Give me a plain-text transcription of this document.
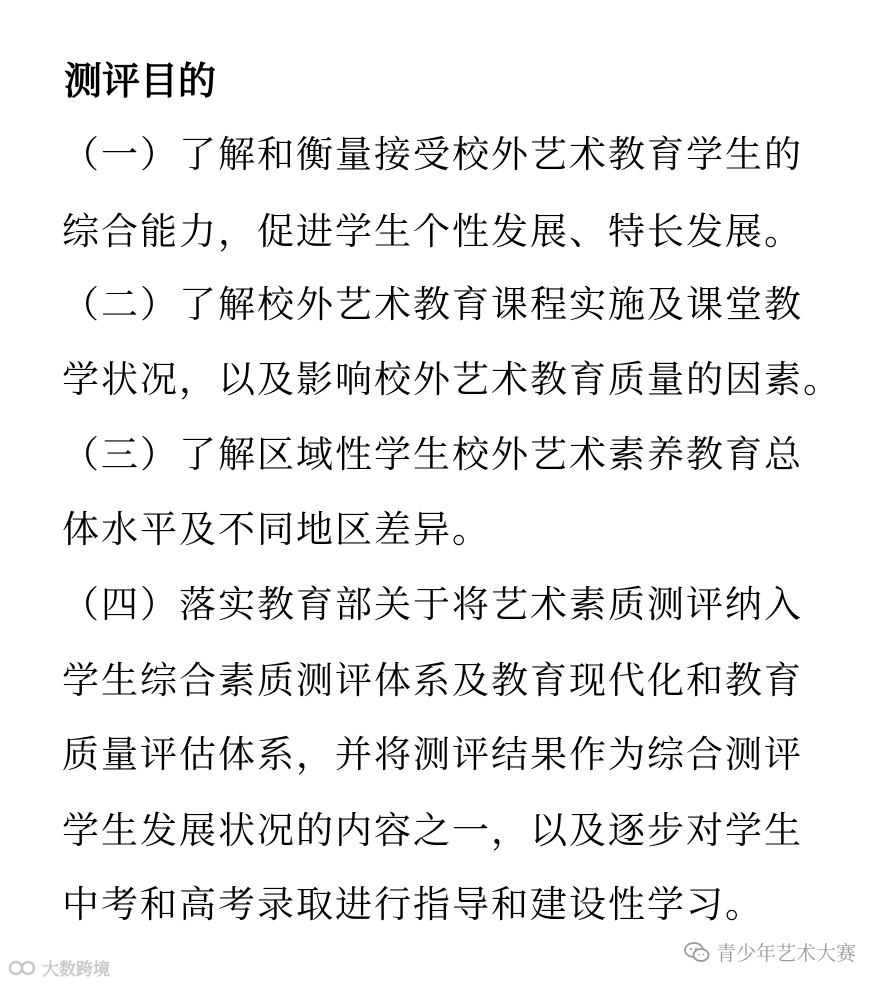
测评目的
（一）了解和衡量接受校外艺术教育学生的
综合能力，促进学生个性发展、特长发展。
（二）了解校外艺术教育课程实施及课堂教
学状况，以及影响校外艺术教育质量的因素。
（三）了解区域性学生校外艺术素养教育总
体水平及不同地区差异。
（四）落实教育部关于将艺术素质测评纳入
学生综合素质测评体系及教育现代化和教育
质量评估体系，并将测评结果作为综合测评
学生发展状况的内容之一，以及逐步对学生
中考和高考录取进行指导和建设性学习。
大数跨境
青少年艺术大赛
